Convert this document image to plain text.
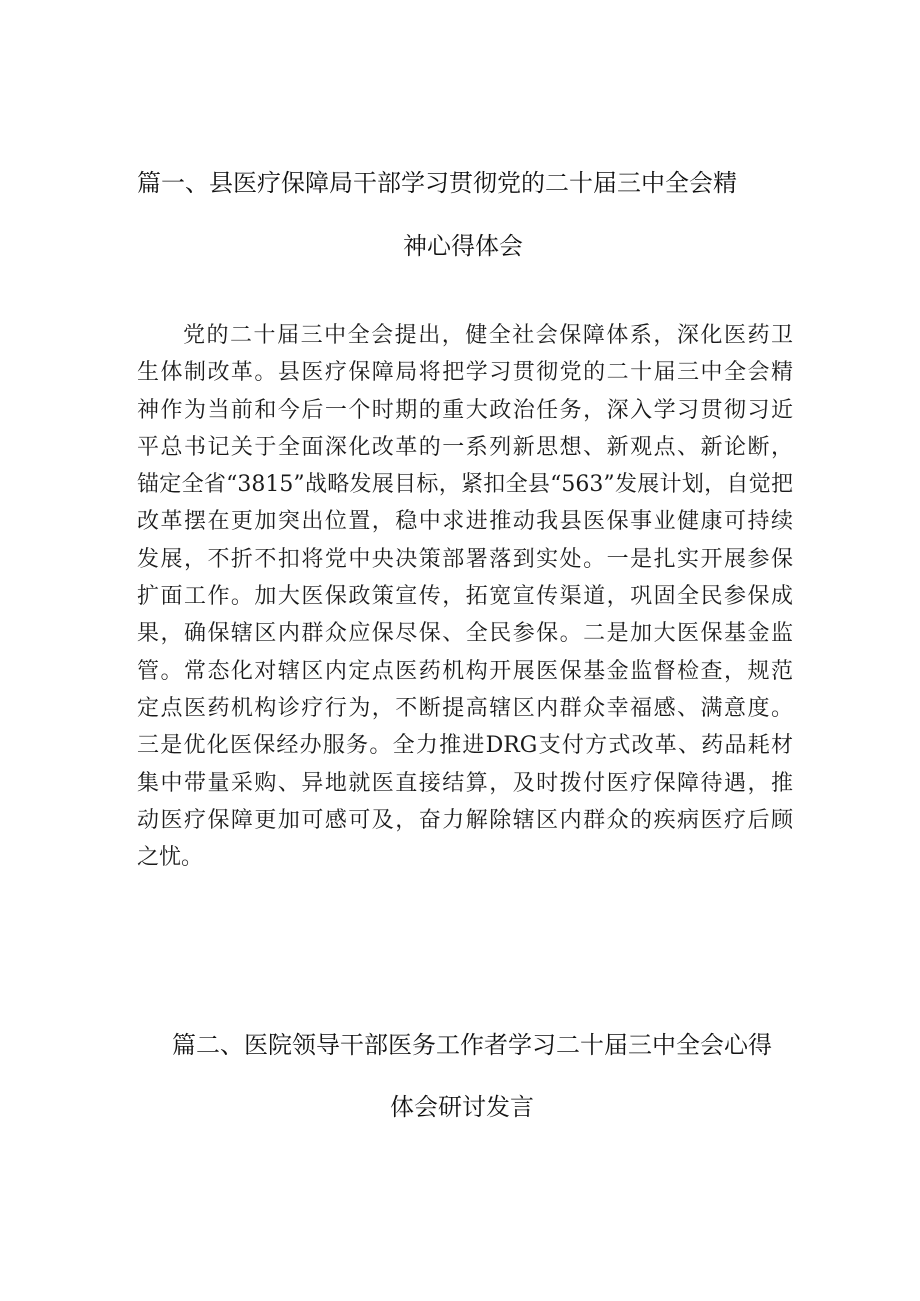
篇一、县医疗保障局干部学习贯彻党的二十届三中全会精
神心得体会
党的二十届三中全会提出，健全社会保障体系，深化医药卫
生体制改革。县医疗保障局将把学习贯彻党的二十届三中全会精
神作为当前和今后一个时期的重大政治任务，深入学习贯彻习近
平总书记关于全面深化改革的一系列新思想、新观点、新论断，
锚定全省“3815”战略发展目标，紧扣全县“563”发展计划，自觉把
改革摆在更加突出位置，稳中求进推动我县医保事业健康可持续
发展，不折不扣将党中央决策部署落到实处。一是扎实开展参保
扩面工作。加大医保政策宣传，拓宽宣传渠道，巩固全民参保成
果，确保辖区内群众应保尽保、全民参保。二是加大医保基金监
管。常态化对辖区内定点医药机构开展医保基金监督检查，规范
定点医药机构诊疗行为，不断提高辖区内群众幸福感、满意度。
三是优化医保经办服务。全力推进DRG支付方式改革、药品耗材
集中带量采购、异地就医直接结算，及时拨付医疗保障待遇，推
动医疗保障更加可感可及，奋力解除辖区内群众的疾病医疗后顾
之忧。
篇二、医院领导干部医务工作者学习二十届三中全会心得
体会研讨发言
